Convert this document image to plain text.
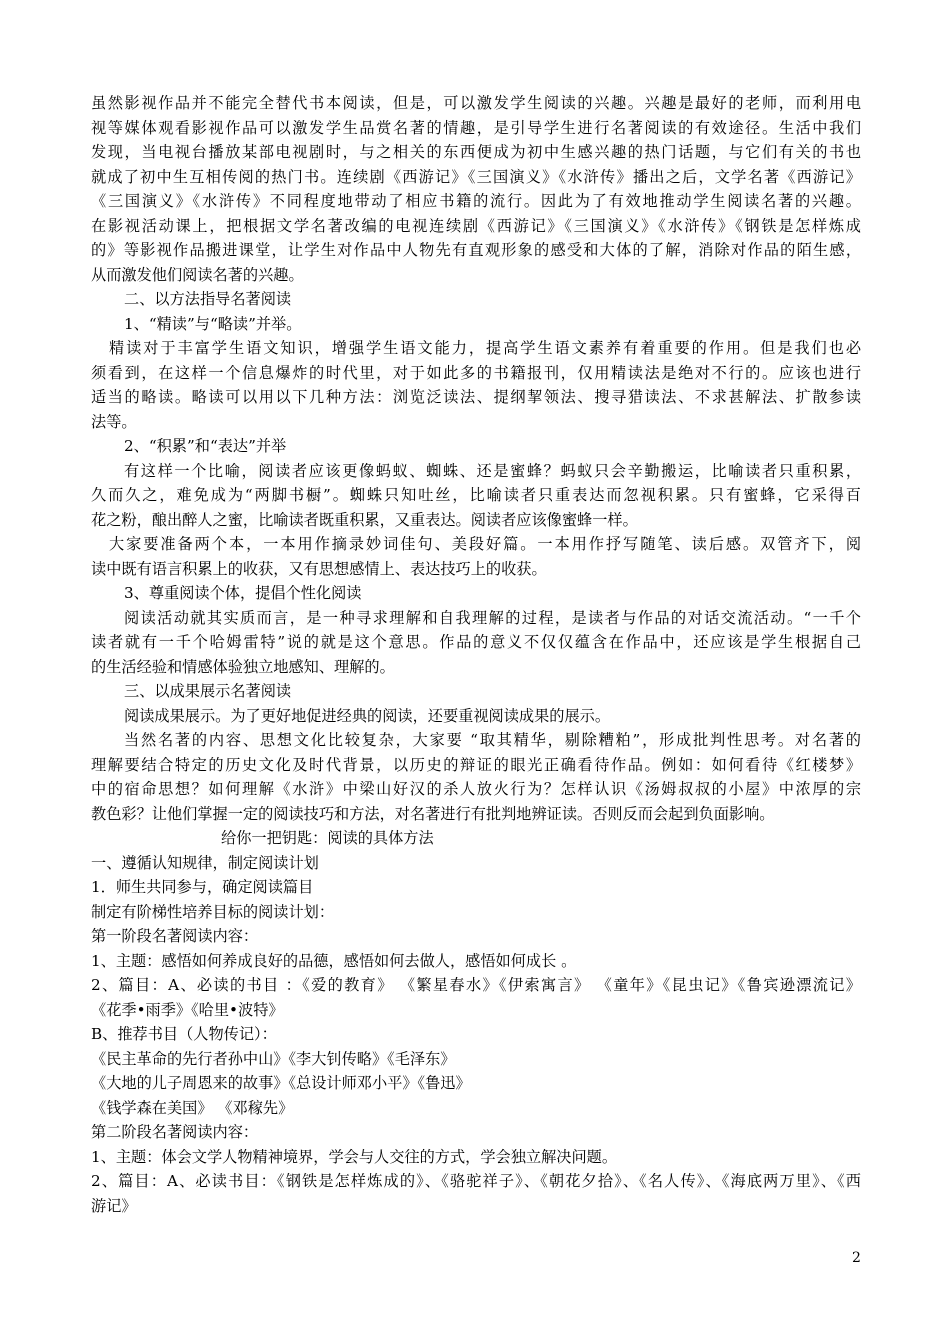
虽然影视作品并不能完全替代书本阅读，但是，可以激发学生阅读的兴趣。兴趣是最好的老师，而利用电
视等媒体观看影视作品可以激发学生品赏名著的情趣，是引导学生进行名著阅读的有效途径。生活中我们
发现，当电视台播放某部电视剧时，与之相关的东西便成为初中生感兴趣的热门话题，与它们有关的书也
就成了初中生互相传阅的热门书。连续剧《西游记》《三国演义》《水浒传》播出之后，文学名著《西游记》
《三国演义》《水浒传》不同程度地带动了相应书籍的流行。因此为了有效地推动学生阅读名著的兴趣。
在影视活动课上，把根据文学名著改编的电视连续剧《西游记》《三国演义》《水浒传》《钢铁是怎样炼成
的》等影视作品搬进课堂，让学生对作品中人物先有直观形象的感受和大体的了解，消除对作品的陌生感，
从而激发他们阅读名著的兴趣。
二、以方法指导名著阅读
1、“精读”与“略读”并举。
精读对于丰富学生语文知识，增强学生语文能力，提高学生语文素养有着重要的作用。但是我们也必
须看到，在这样一个信息爆炸的时代里，对于如此多的书籍报刊，仅用精读法是绝对不行的。应该也进行
适当的略读。略读可以用以下几种方法：浏览泛读法、提纲挈领法、搜寻猎读法、不求甚解法、扩散参读
法等。
2、“积累”和“表达”并举
有这样一个比喻，阅读者应该更像蚂蚁、蜘蛛、还是蜜蜂？蚂蚁只会辛勤搬运，比喻读者只重积累，
久而久之，难免成为“两脚书橱”。蜘蛛只知吐丝，比喻读者只重表达而忽视积累。只有蜜蜂，它采得百
花之粉，酿出醉人之蜜，比喻读者既重积累，又重表达。阅读者应该像蜜蜂一样。
大家要准备两个本，一本用作摘录妙词佳句、美段好篇。一本用作抒写随笔、读后感。双管齐下，阅
读中既有语言积累上的收获，又有思想感情上、表达技巧上的收获。
3、尊重阅读个体，提倡个性化阅读
阅读活动就其实质而言，是一种寻求理解和自我理解的过程，是读者与作品的对话交流活动。“一千个
读者就有一千个哈姆雷特”说的就是这个意思。作品的意义不仅仅蕴含在作品中，还应该是学生根据自己
的生活经验和情感体验独立地感知、理解的。
三、以成果展示名著阅读
阅读成果展示。为了更好地促进经典的阅读，还要重视阅读成果的展示。
当然名著的内容、思想文化比较复杂，大家要 “取其精华，剔除糟粕”，形成批判性思考。对名著的
理解要结合特定的历史文化及时代背景，以历史的辩证的眼光正确看待作品。例如：如何看待《红楼梦》
中的宿命思想？如何理解《水浒》中梁山好汉的杀人放火行为？怎样认识《汤姆叔叔的小屋》中浓厚的宗
教色彩？让他们掌握一定的阅读技巧和方法，对名著进行有批判地辨证读。否则反而会起到负面影响。
给你一把钥匙：阅读的具体方法
一、遵循认知规律，制定阅读计划
1．师生共同参与，确定阅读篇目
制定有阶梯性培养目标的阅读计划：
第一阶段名著阅读内容：
1、主题：感悟如何养成良好的品德，感悟如何去做人，感悟如何成长 。
2、篇目：A、必读的书目 ：《爱的教育》 《繁星春水》《伊索寓言》 《童年》《昆虫记》《鲁宾逊漂流记》
《花季•雨季》《哈里•波特》
B、推荐书目（人物传记）：
《民主革命的先行者孙中山》《李大钊传略》《毛泽东》
《大地的儿子周恩来的故事》《总设计师邓小平》《鲁迅》
《钱学森在美国》 《邓稼先》
第二阶段名著阅读内容：
1、主题：体会文学人物精神境界，学会与人交往的方式，学会独立解决问题。
2、篇目：A、必读书目：《钢铁是怎样炼成的》、《骆驼祥子》、《朝花夕拾》、《名人传》、《海底两万里》、《西
游记》
2
